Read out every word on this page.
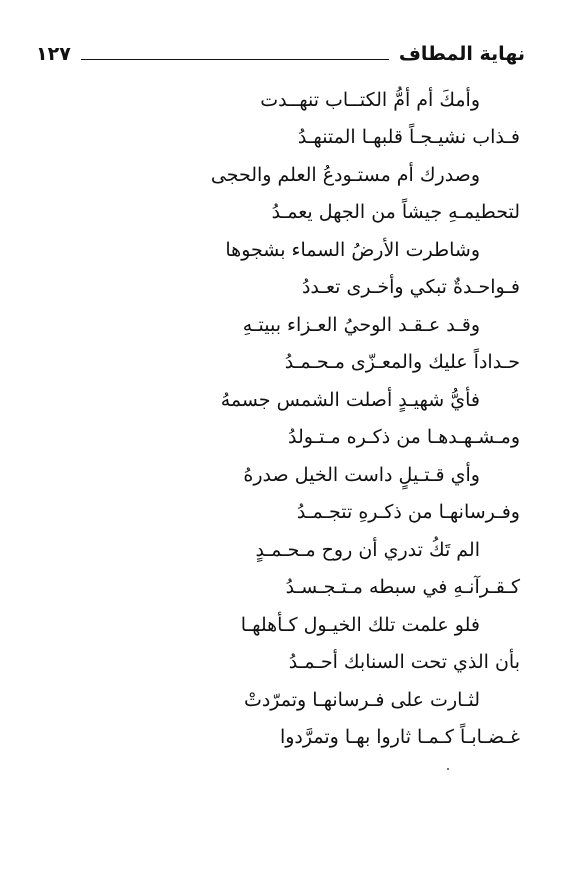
نهاية المطاف
١٢٧
وأمكَ أم أمُّ الكتــاب تنهــدت
فـذاب نشيـجـاً قلبهـا المتنهـدُ
وصدرك أم مستـودعُ العلم والحجى
لتحطيمـهِ جيشاً من الجهل يعمـدُ
وشاطرت الأرضُ السماء بشجوها
فـواحـدةٌ تبكي وأخـرى تعـددُ
وقـد عـقـد الوحيُ العـزاء ببيتـهِ
حـداداً عليك والمعـزّى مـحـمـدُ
فأيُّ شهيـدٍ أصلت الشمس جسمهُ
ومـشـهـدهـا من ذكـره مـتـولدُ
وأي قـتـيلٍ داست الخيل صدرهُ
وفـرسانهـا من ذكـرهِ تتجـمـدُ
الم تَكُ تدري أن روح مـحـمـدٍ
كـقـرآنـهِ في سبطه مـتـجـسـدُ
فلو علمت تلك الخيـول كـأهلهـا
بأن الذي تحت السنابك أحـمـدُ
لثـارت على فـرسانهـا وتمرّدتْ
غـضـابـاً كـمـا ثاروا بهـا وتمرَّدوا
